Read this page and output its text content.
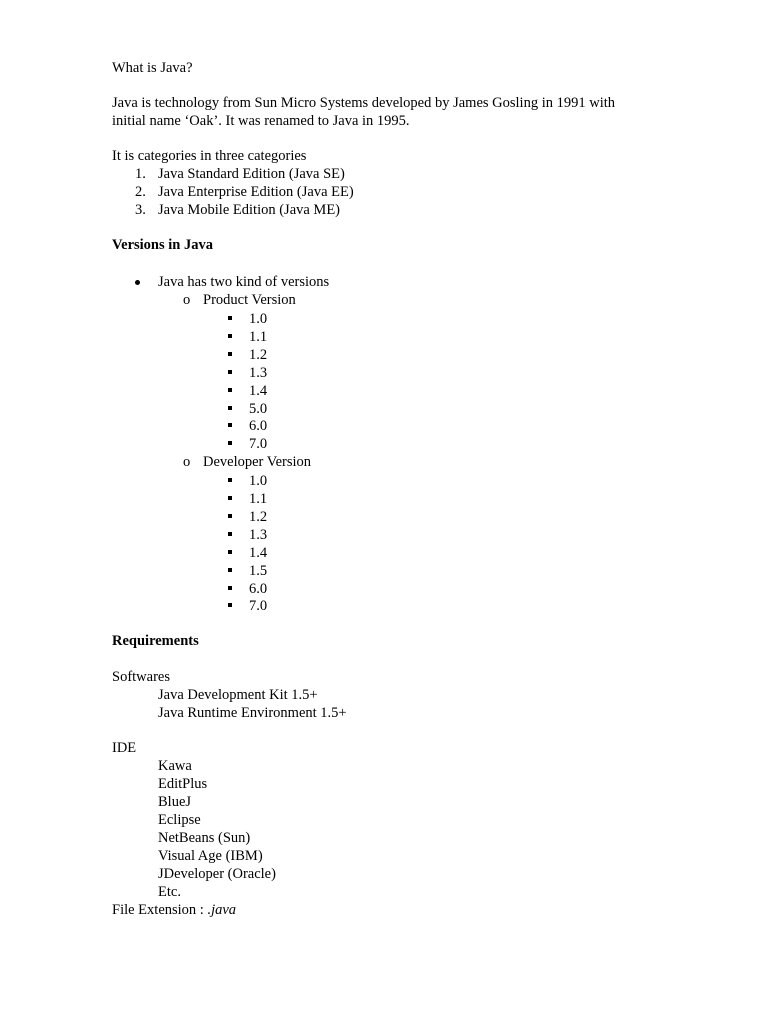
What is Java?
Java is technology from Sun Micro Systems developed by James Gosling in 1991 with
initial name ‘Oak’. It was renamed to Java in 1995.
It is categories in three categories
1. Java Standard Edition (Java SE)
2. Java Enterprise Edition (Java EE)
3. Java Mobile Edition (Java ME)
Versions in Java
Java has two kind of versions
o Product Version
1.0
1.1
1.2
1.3
1.4
5.0
6.0
7.0
o Developer Version
1.0
1.1
1.2
1.3
1.4
1.5
6.0
7.0
Requirements
Softwares
Java Development Kit 1.5+
Java Runtime Environment 1.5+
IDE
Kawa
EditPlus
BlueJ
Eclipse
NetBeans (Sun)
Visual Age (IBM)
JDeveloper (Oracle)
Etc.
File Extension : .java
